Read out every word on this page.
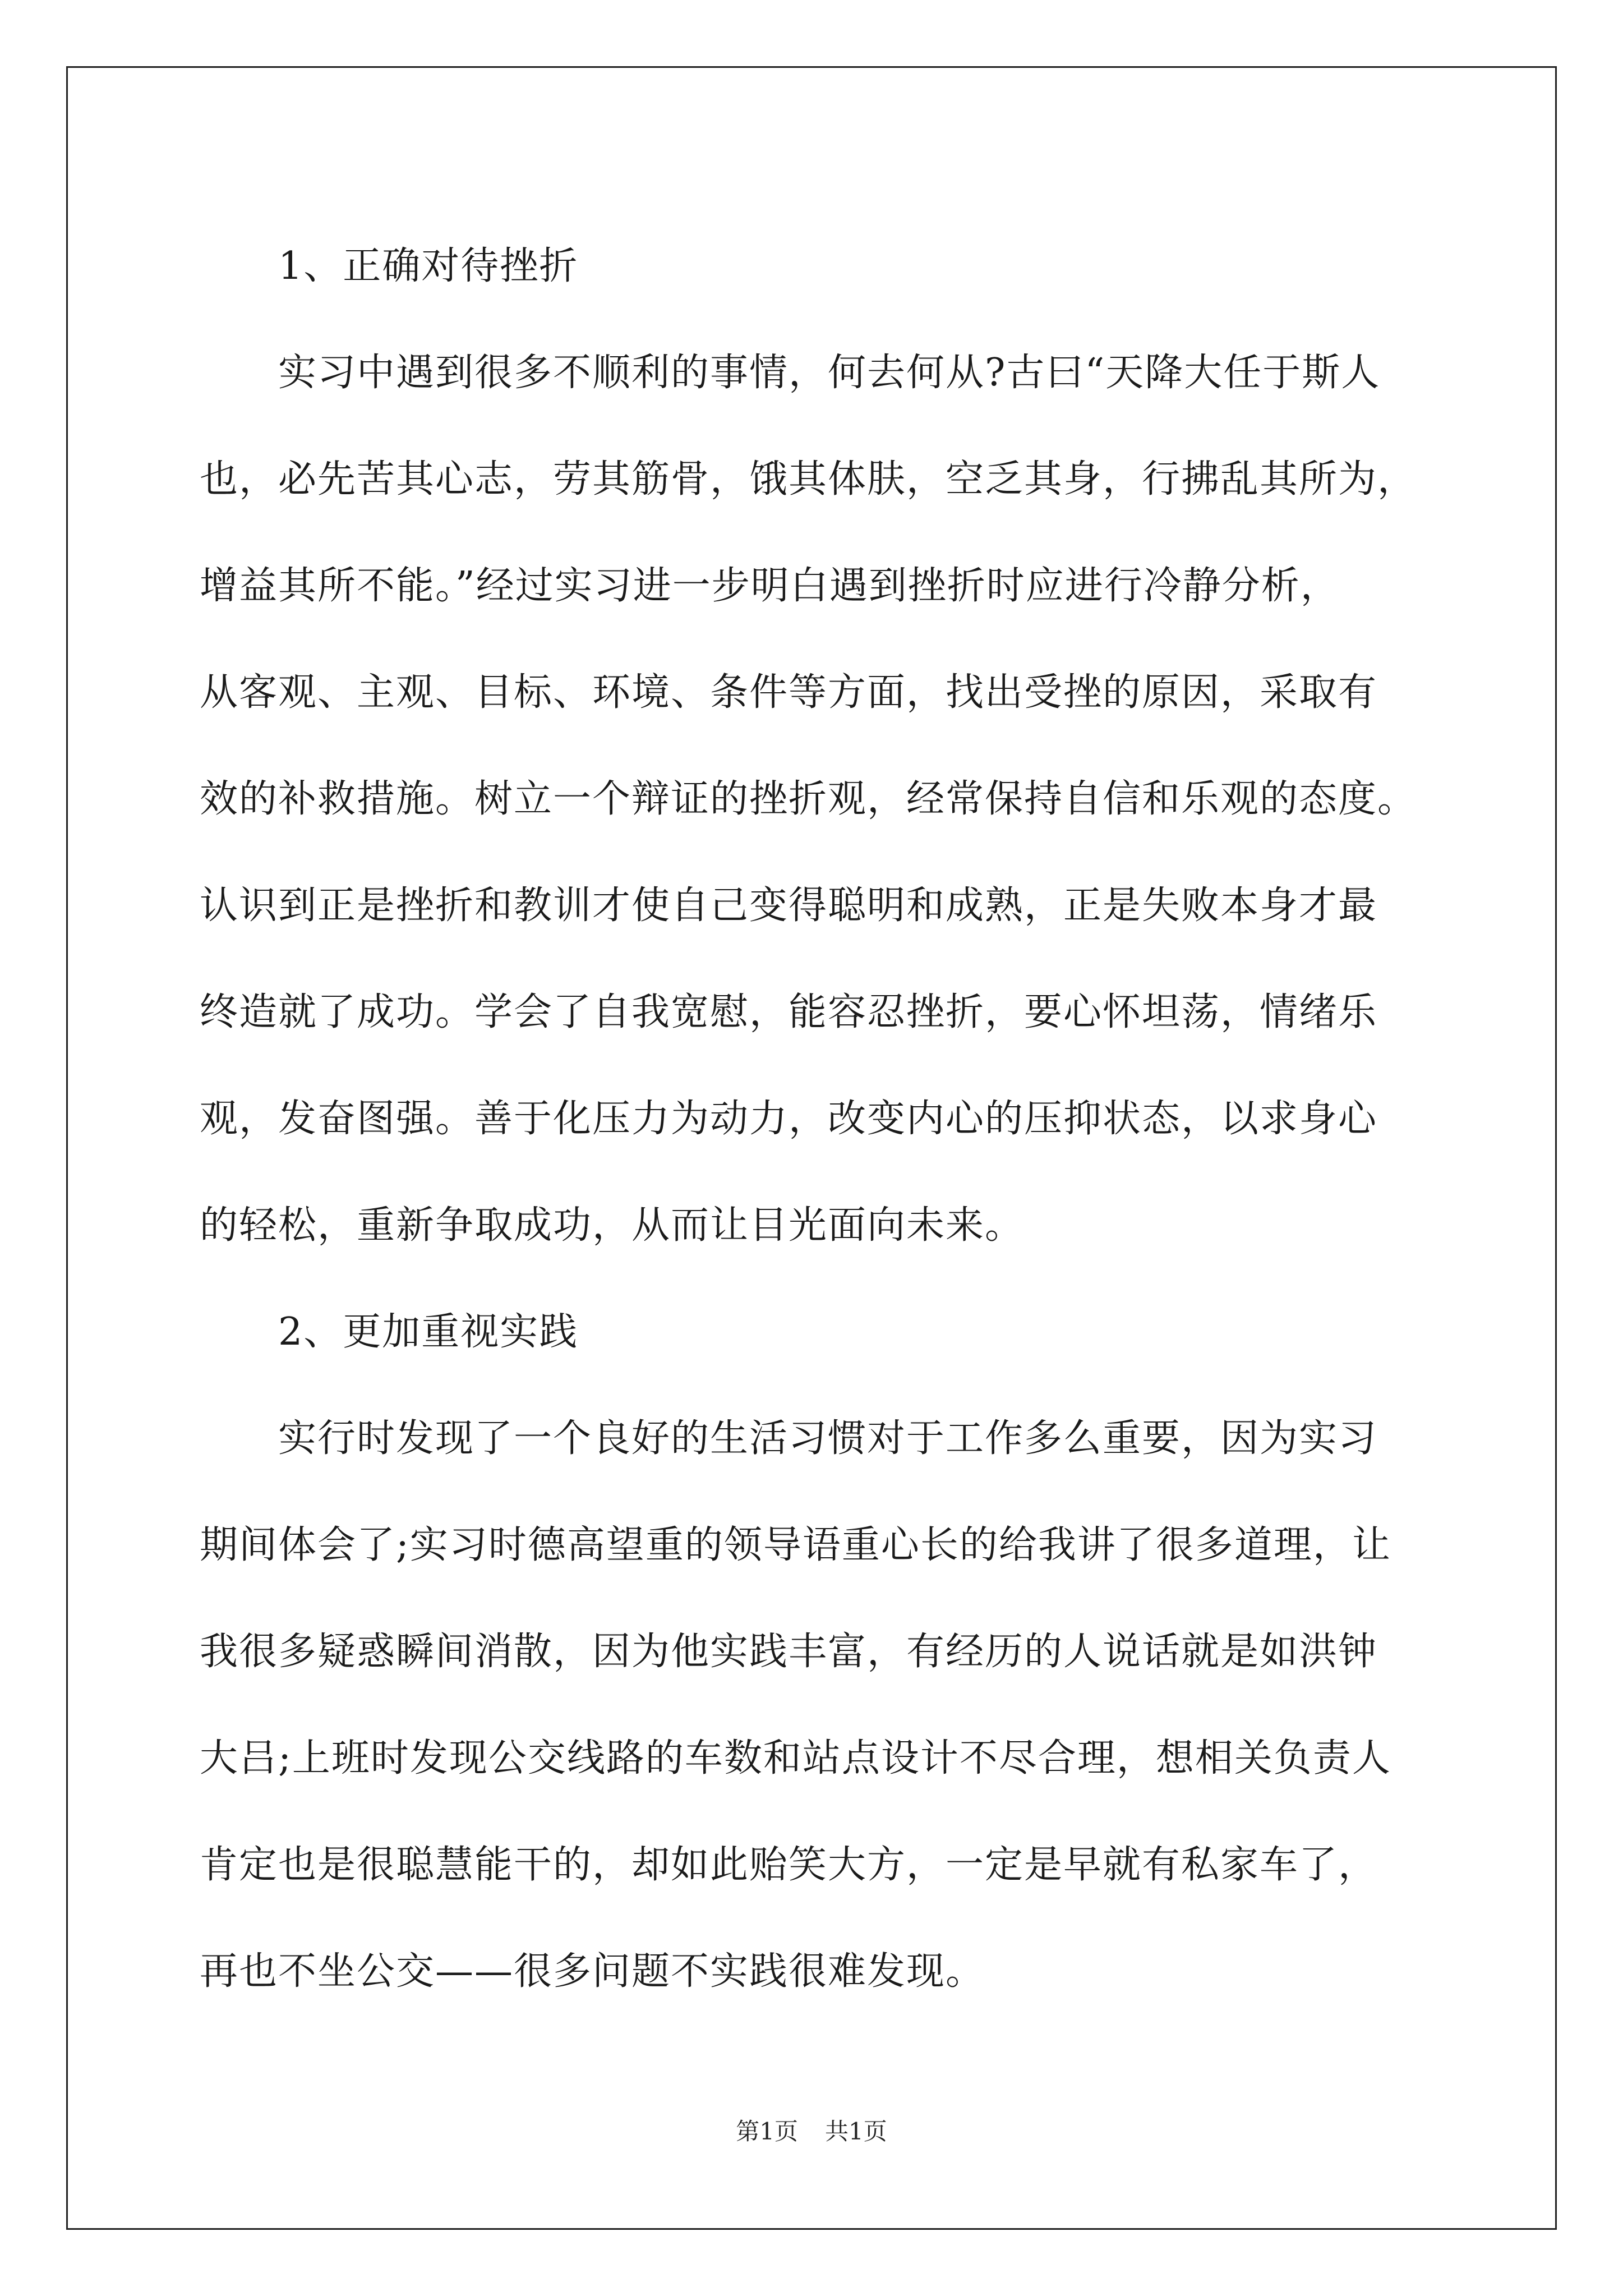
1、正确对待挫折
实习中遇到很多不顺利的事情，何去何从?古曰“天降大任于斯人
也，必先苦其心志，劳其筋骨，饿其体肤，空乏其身，行拂乱其所为，
增益其所不能。”经过实习进一步明白遇到挫折时应进行冷静分析，
从客观、主观、目标、环境、条件等方面，找出受挫的原因，采取有
效的补救措施。树立一个辩证的挫折观，经常保持自信和乐观的态度。
认识到正是挫折和教训才使自己变得聪明和成熟，正是失败本身才最
终造就了成功。学会了自我宽慰，能容忍挫折，要心怀坦荡，情绪乐
观，发奋图强。善于化压力为动力，改变内心的压抑状态，以求身心
的轻松，重新争取成功，从而让目光面向未来。
2、更加重视实践
实行时发现了一个良好的生活习惯对于工作多么重要，因为实习
期间体会了;实习时德高望重的领导语重心长的给我讲了很多道理，让
我很多疑惑瞬间消散，因为他实践丰富，有经历的人说话就是如洪钟
大吕;上班时发现公交线路的车数和站点设计不尽合理，想相关负责人
肯定也是很聪慧能干的，却如此贻笑大方，一定是早就有私家车了，
再也不坐公交——很多问题不实践很难发现。
第1页 共1页
